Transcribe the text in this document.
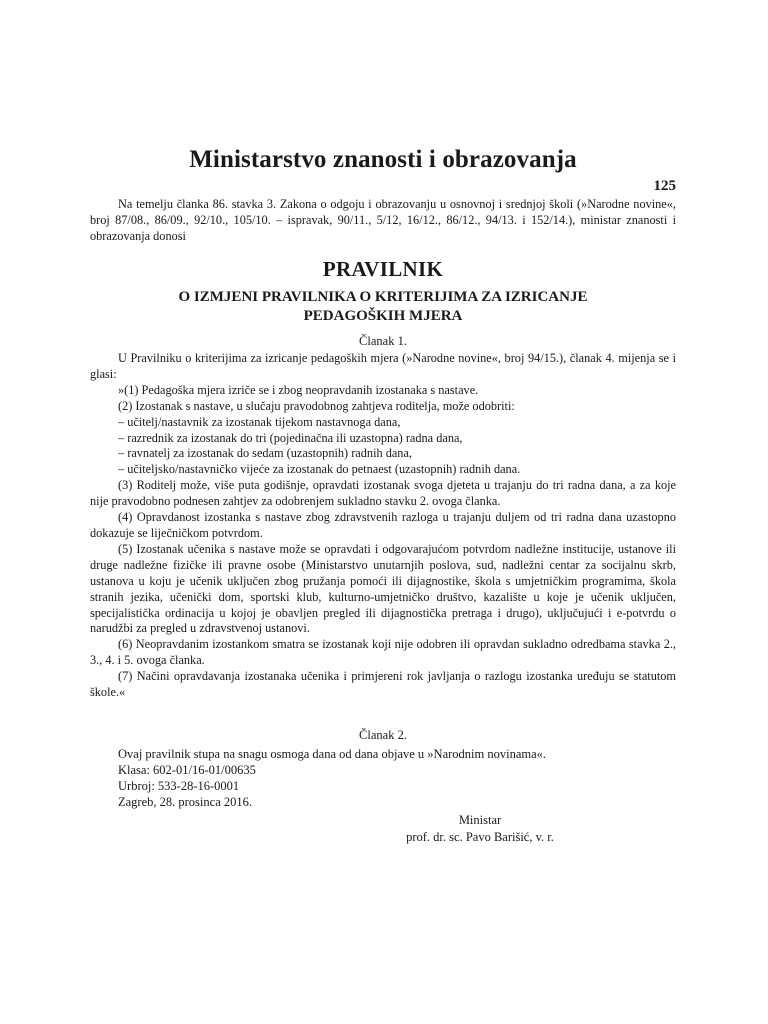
Ministarstvo znanosti i obrazovanja
125
Na temelju članka 86. stavka 3. Zakona o odgoju i obrazovanju u osnovnoj i srednjoj školi (»Narodne novine«, broj 87/08., 86/09., 92/10., 105/10. – ispravak, 90/11., 5/12, 16/12., 86/12., 94/13. i 152/14.), ministar znanosti i obrazovanja donosi
PRAVILNIK
O IZMJENI PRAVILNIKA O KRITERIJIMA ZA IZRICANJE
PEDAGOŠKIH MJERA
Članak 1.

U Pravilniku o kriterijima za izricanje pedagoških mjera (»Narodne novine«, broj 94/15.), članak 4. mijenja se i glasi:

»(1) Pedagoška mjera izriče se i zbog neopravdanih izostanaka s nastave.

(2) Izostanak s nastave, u slučaju pravodobnog zahtjeva roditelja, može odobriti:

– učitelj/nastavnik za izostanak tijekom nastavnoga dana,

– razrednik za izostanak do tri (pojedinačna ili uzastopna) radna dana,

– ravnatelj za izostanak do sedam (uzastopnih) radnih dana,

– učiteljsko/nastavničko vijeće za izostanak do petnaest (uzastopnih) radnih dana.

(3) Roditelj može, više puta godišnje, opravdati izostanak svoga djeteta u trajanju do tri radna dana, a za koje nije pravodobno podnesen zahtjev za odobrenjem sukladno stavku 2. ovoga članka.

(4) Opravdanost izostanka s nastave zbog zdravstvenih razloga u trajanju duljem od tri radna dana uzastopno dokazuje se liječničkom potvrdom.

(5) Izostanak učenika s nastave može se opravdati i odgovarajućom potvrdom nadležne institucije, ustanove ili druge nadležne fizičke ili pravne osobe (Ministarstvo unutarnjih poslova, sud, nadležni centar za socijalnu skrb, ustanova u koju je učenik uključen zbog pružanja pomoći ili dijagnostike, škola s umjetničkim programima, škola stranih jezika, učenički dom, sportski klub, kulturno-umjetničko društvo, kazalište u koje je učenik uključen, specijalistička ordinacija u kojoj je obavljen pregled ili dijagnostička pretraga i drugo), uključujući i e-potvrdu o narudžbi za pregled u zdravstvenoj ustanovi.

(6) Neopravdanim izostankom smatra se izostanak koji nije odobren ili opravdan sukladno odredbama stavka 2., 3., 4. i 5. ovoga članka.

(7) Načini opravdavanja izostanaka učenika i primjereni rok javljanja o razlogu izostanka uređuju se statutom škole.«

Članak 2.

Ovaj pravilnik stupa na snagu osmoga dana od dana objave u »Narodnim novinama«.

Klasa: 602-01/16-01/00635

Urbroj: 533-28-16-0001

Zagreb, 28. prosinca 2016.

Ministar
prof. dr. sc. Pavo Barišić, v. r.
